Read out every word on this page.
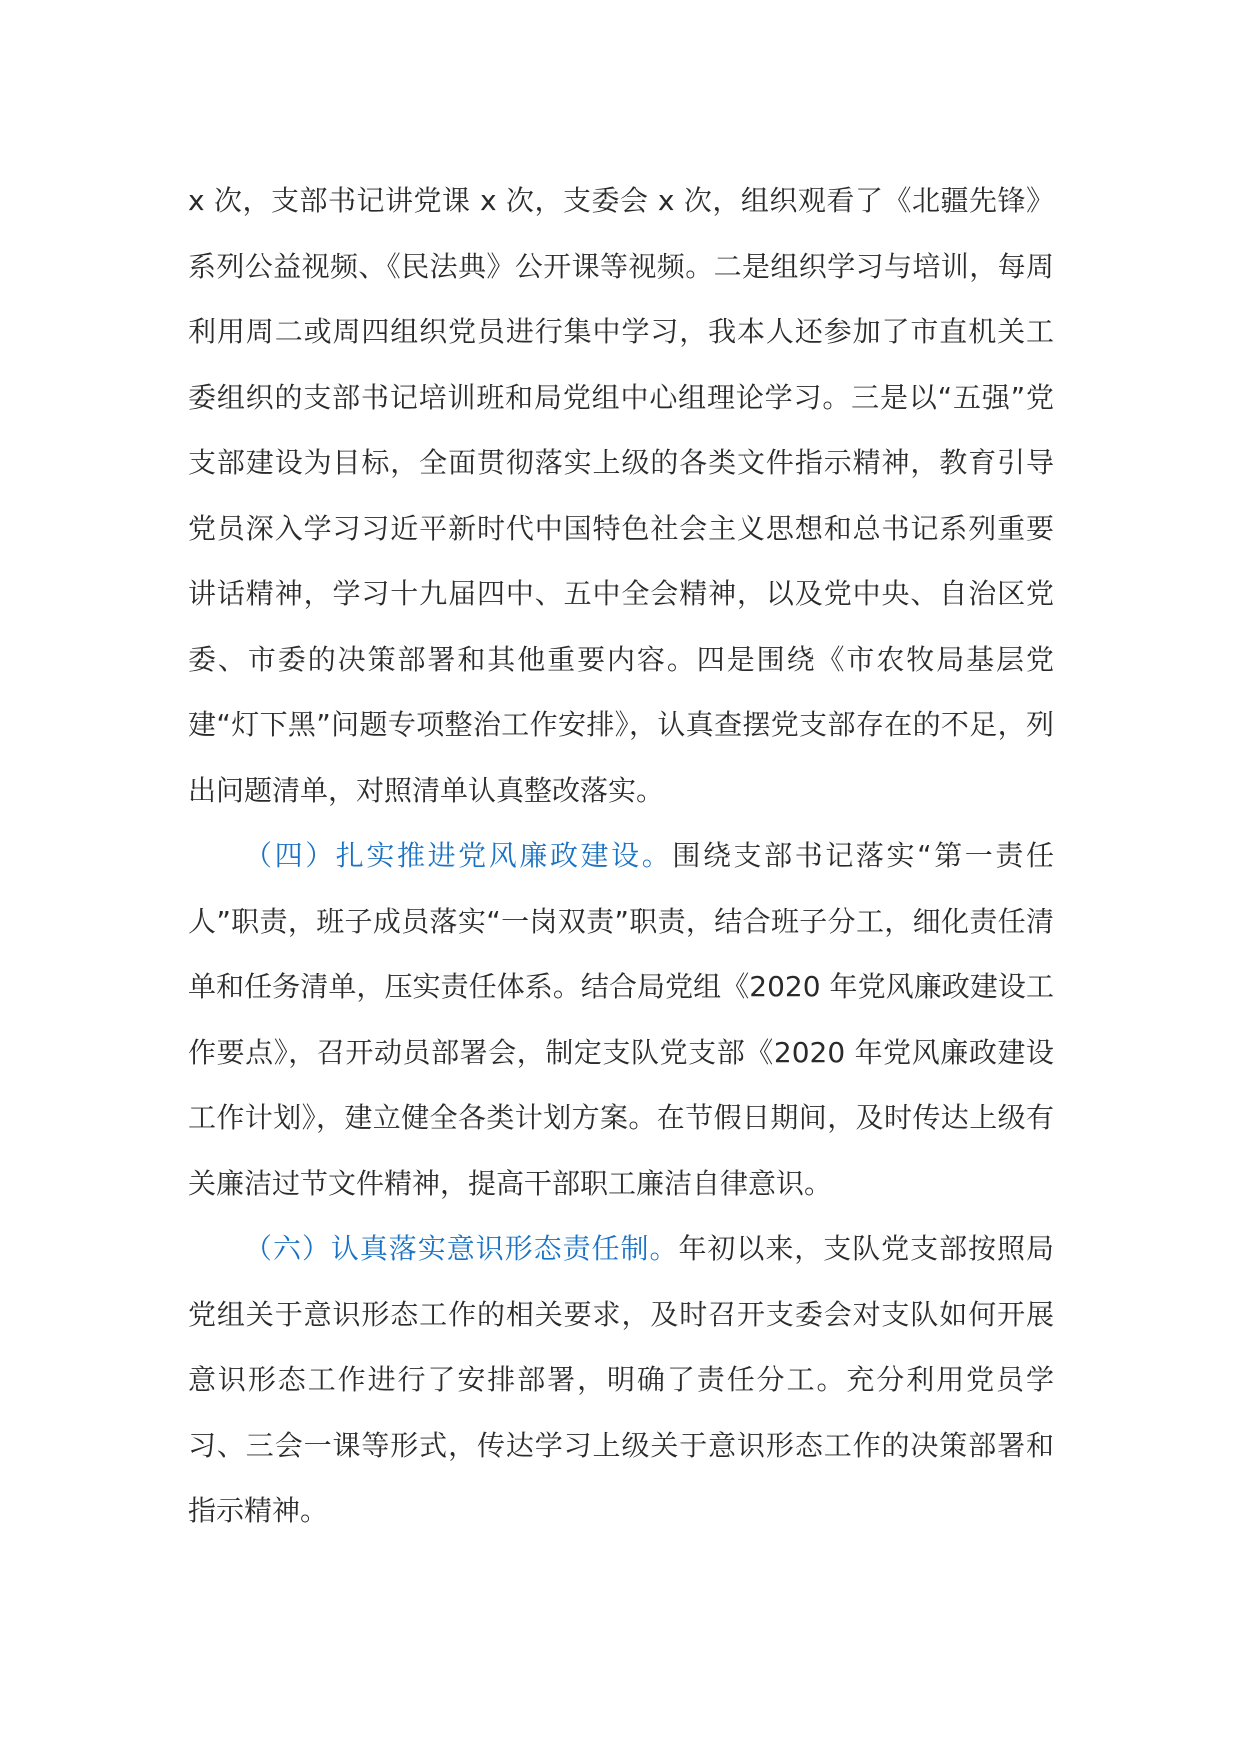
x 次，支部书记讲党课 x 次，支委会 x 次，组织观看了《北疆先锋》系列公益视频、《民法典》公开课等视频。二是组织学习与培训，每周利用周二或周四组织党员进行集中学习，我本人还参加了市直机关工委组织的支部书记培训班和局党组中心组理论学习。三是以“五强”党支部建设为目标，全面贯彻落实上级的各类文件指示精神，教育引导党员深入学习习近平新时代中国特色社会主义思想和总书记系列重要讲话精神，学习十九届四中、五中全会精神，以及党中央、自治区党委、市委的决策部署和其他重要内容。四是围绕《市农牧局基层党建“灯下黑”问题专项整治工作安排》，认真查摆党支部存在的不足，列出问题清单，对照清单认真整改落实。

（四）扎实推进党风廉政建设。围绕支部书记落实“第一责任人”职责，班子成员落实“一岗双责”职责，结合班子分工，细化责任清单和任务清单，压实责任体系。结合局党组《2020 年党风廉政建设工作要点》，召开动员部署会，制定支队党支部《2020 年党风廉政建设工作计划》，建立健全各类计划方案。在节假日期间，及时传达上级有关廉洁过节文件精神，提高干部职工廉洁自律意识。

（六）认真落实意识形态责任制。年初以来，支队党支部按照局党组关于意识形态工作的相关要求，及时召开支委会对支队如何开展意识形态工作进行了安排部署，明确了责任分工。充分利用党员学习、三会一课等形式，传达学习上级关于意识形态工作的决策部署和指示精神。
